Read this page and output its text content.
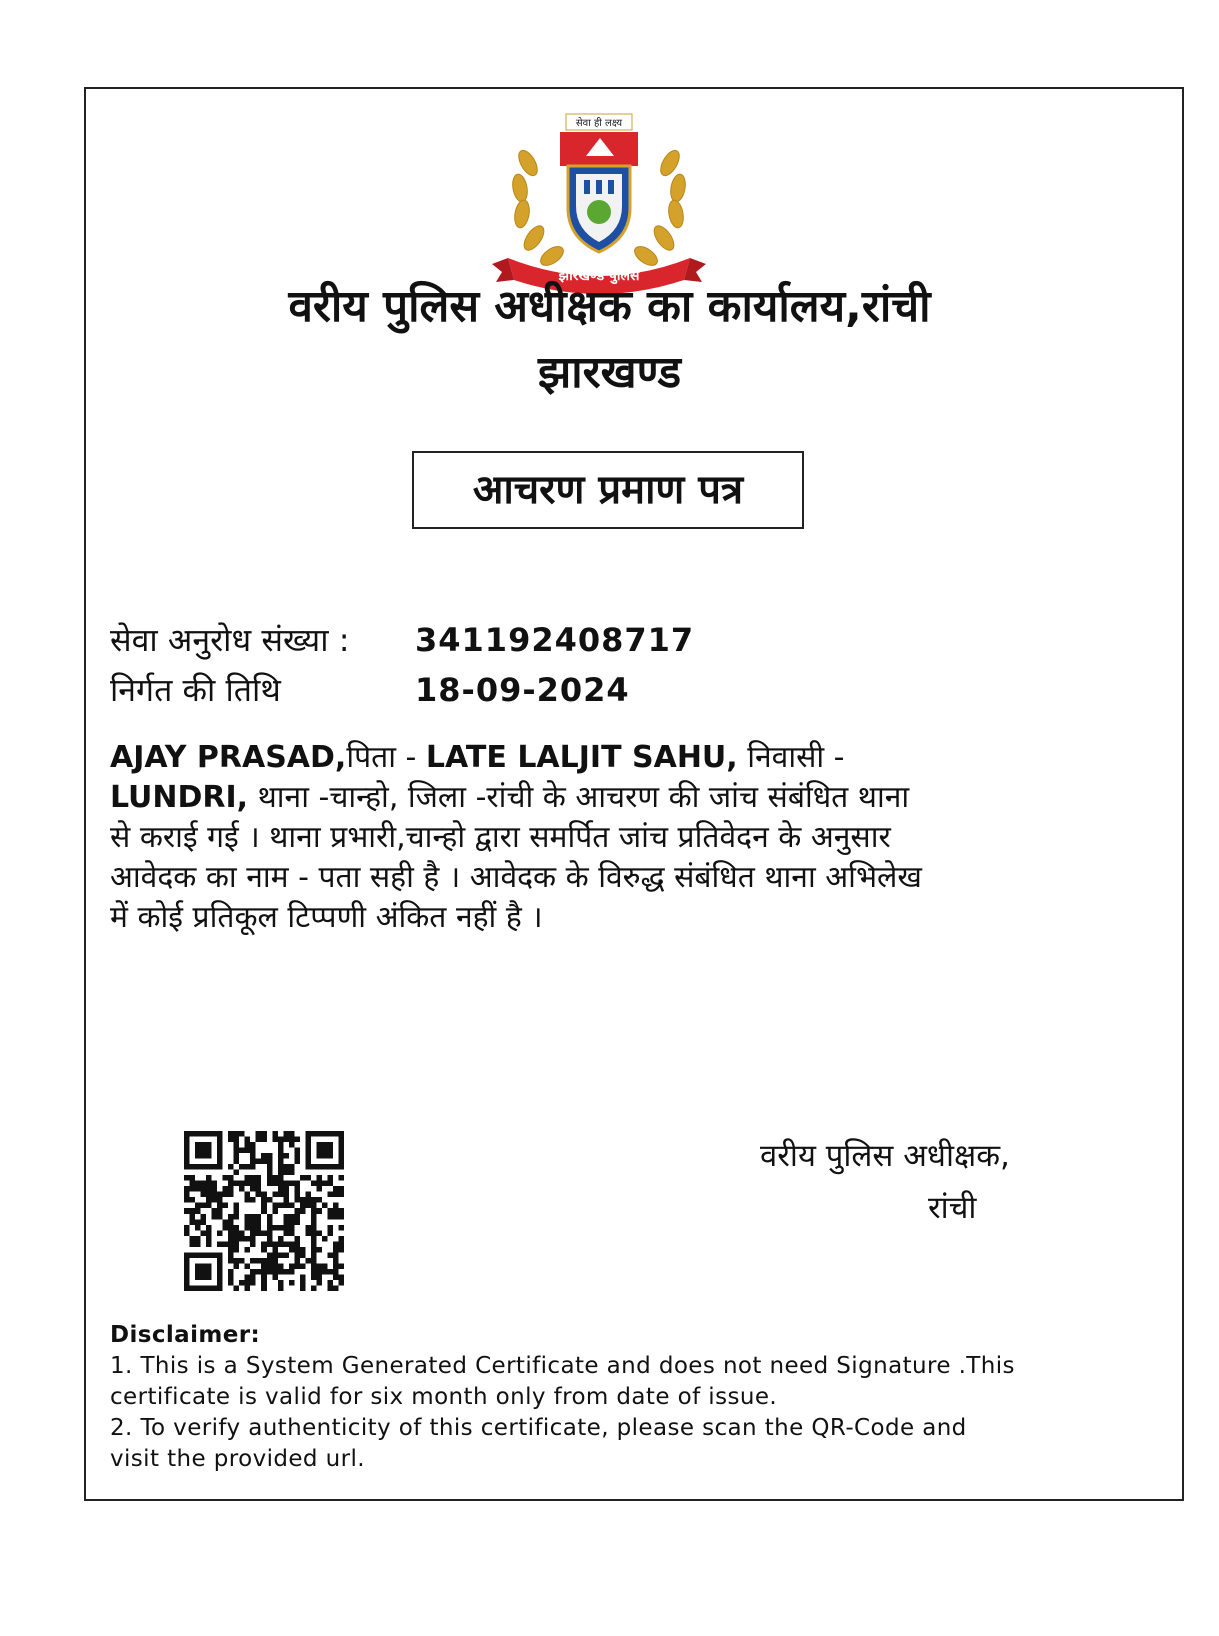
सेवा ही लक्ष्य
झारखण्ड पुलिस
वरीय पुलिस अधीक्षक का कार्यालय,रांची
झारखण्ड
आचरण प्रमाण पत्र
सेवा अनुरोध संख्या : 341192408717
निर्गत की तिथि	18-09-2024
AJAY PRASAD,पिता - LATE LALJIT SAHU, निवासी -
LUNDRI, थाना -चान्हो, जिला -रांची के आचरण की जांच संबंधित थाना
से कराई गई । थाना प्रभारी,चान्हो द्वारा समर्पित जांच प्रतिवेदन के अनुसार
आवेदक का नाम - पता सही है । आवेदक के विरुद्ध संबंधित थाना अभिलेख
में कोई प्रतिकूल टिप्पणी अंकित नहीं है ।
वरीय पुलिस अधीक्षक,
रांची
Disclaimer:
1. This is a System Generated Certificate and does not need Signature .This
certificate is valid for six month only from date of issue.
2. To verify authenticity of this certificate, please scan the QR-Code and
visit the provided url.
